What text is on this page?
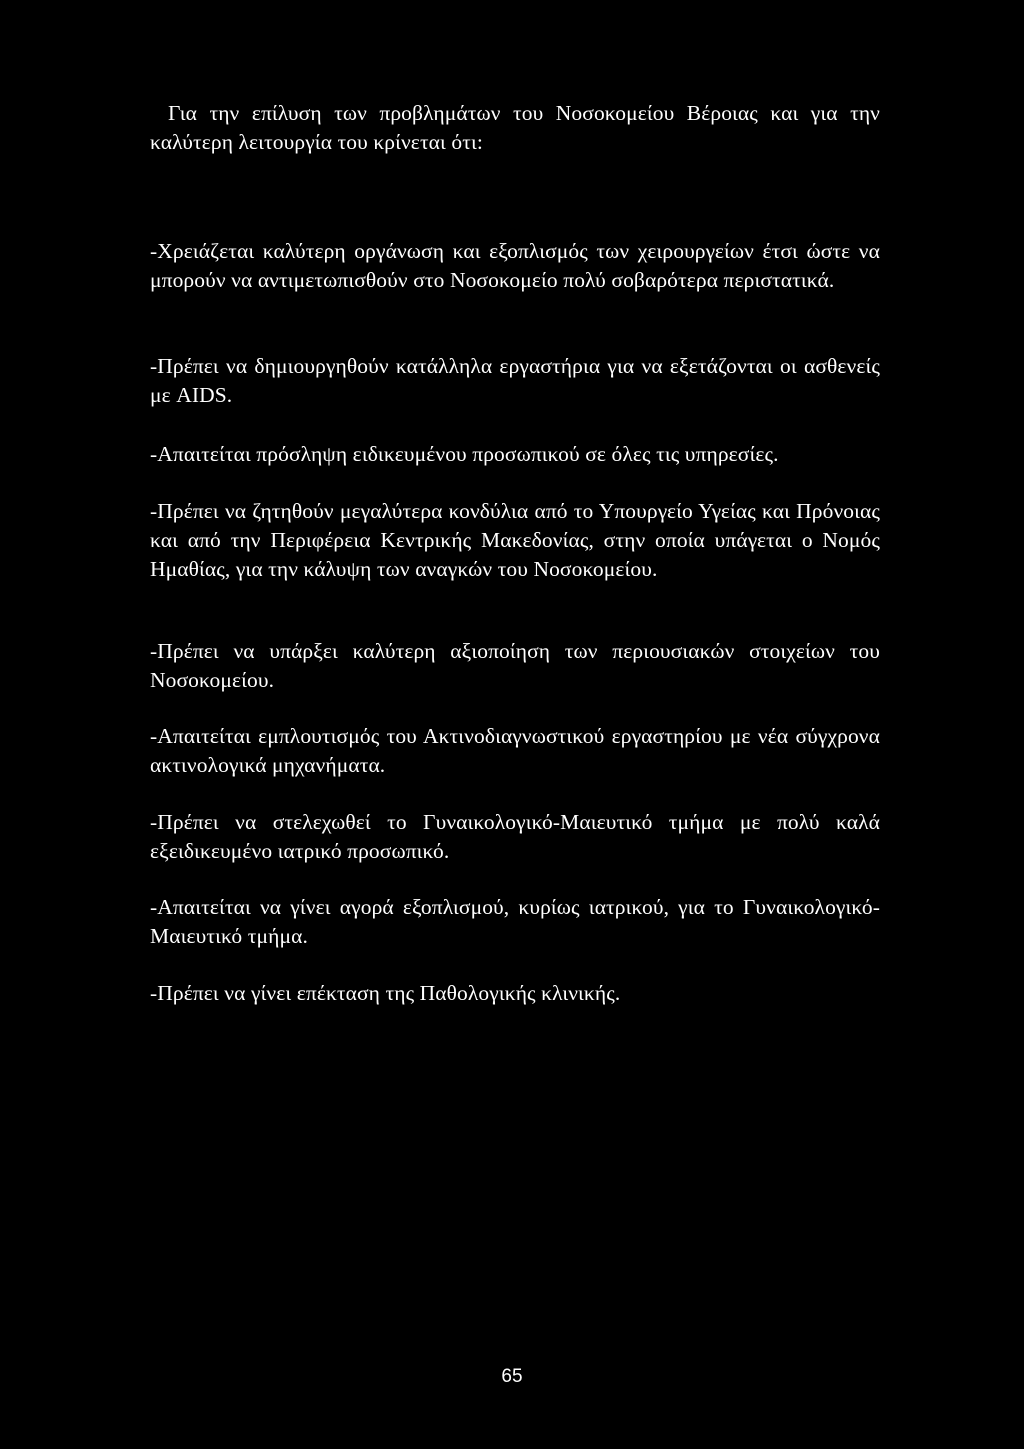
Για την επίλυση των προβλημάτων του Νοσοκομείου Βέροιας και για την καλύτερη λειτουργία του κρίνεται ότι:

-Χρειάζεται καλύτερη οργάνωση και εξοπλισμός των χειρουργείων έτσι ώστε να μπορούν να αντιμετωπισθούν στο Νοσοκομείο πολύ σοβαρότερα περιστατικά.

-Πρέπει να δημιουργηθούν κατάλληλα εργαστήρια για να εξετάζονται οι ασθενείς με AIDS.

-Απαιτείται πρόσληψη ειδικευμένου προσωπικού σε όλες τις υπηρεσίες.

-Πρέπει να ζητηθούν μεγαλύτερα κονδύλια από το Υπουργείο Υγείας και Πρόνοιας και από την Περιφέρεια Κεντρικής Μακεδονίας, στην οποία υπάγεται ο Νομός Ημαθίας, για την κάλυψη των αναγκών του Νοσοκομείου.

-Πρέπει να υπάρξει καλύτερη αξιοποίηση των περιουσιακών στοιχείων του Νοσοκομείου.

-Απαιτείται εμπλουτισμός του Ακτινοδιαγνωστικού εργαστηρίου με νέα σύγχρονα ακτινολογικά μηχανήματα.

-Πρέπει να στελεχωθεί το Γυναικολογικό-Μαιευτικό τμήμα με πολύ καλά εξειδικευμένο ιατρικό προσωπικό.

-Απαιτείται να γίνει αγορά εξοπλισμού, κυρίως ιατρικού, για το Γυναικολογικό- Μαιευτικό τμήμα.

-Πρέπει να γίνει επέκταση της Παθολογικής κλινικής.

65
